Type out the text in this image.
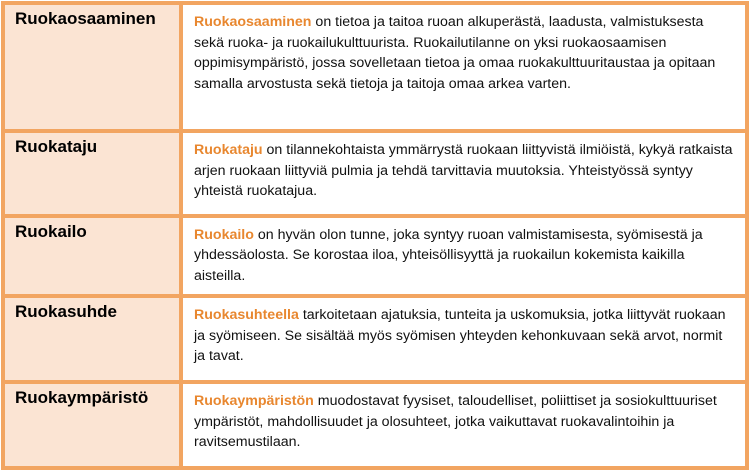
Ruokaosaaminen	Ruokaosaaminen on tietoa ja taitoa ruoan alkuperästä, laadusta, valmistuksesta sekä ruoka- ja ruokailukulttuurista. Ruokailutilanne on yksi ruokaosaamisen oppimisympäristö, jossa sovelletaan tietoa ja omaa ruokakulttuuritaustaa ja opitaan samalla arvostusta sekä tietoja ja taitoja omaa arkea varten.
Ruokataju	Ruokataju on tilannekohtaista ymmärrystä ruokaan liittyvistä ilmiöistä, kykyä ratkaista arjen ruokaan liittyviä pulmia ja tehdä tarvittavia muutoksia. Yhteistyössä syntyy yhteistä ruokatajua.
Ruokailo	Ruokailo on hyvän olon tunne, joka syntyy ruoan valmistamisesta, syömisestä ja yhdessäolosta. Se korostaa iloa, yhteisöllisyyttä ja ruokailun kokemista kaikilla aisteilla.
Ruokasuhde	Ruokasuhteella tarkoitetaan ajatuksia, tunteita ja uskomuksia, jotka liittyvät ruokaan ja syömiseen. Se sisältää myös syömisen yhteyden kehonkuvaan sekä arvot, normit ja tavat.
Ruokaympäristö	Ruokaympäristön muodostavat fyysiset, taloudelliset, poliittiset ja sosiokulttuuriset ympäristöt, mahdollisuudet ja olosuhteet, jotka vaikuttavat ruokavalintoihin ja ravitsemustilaan.
